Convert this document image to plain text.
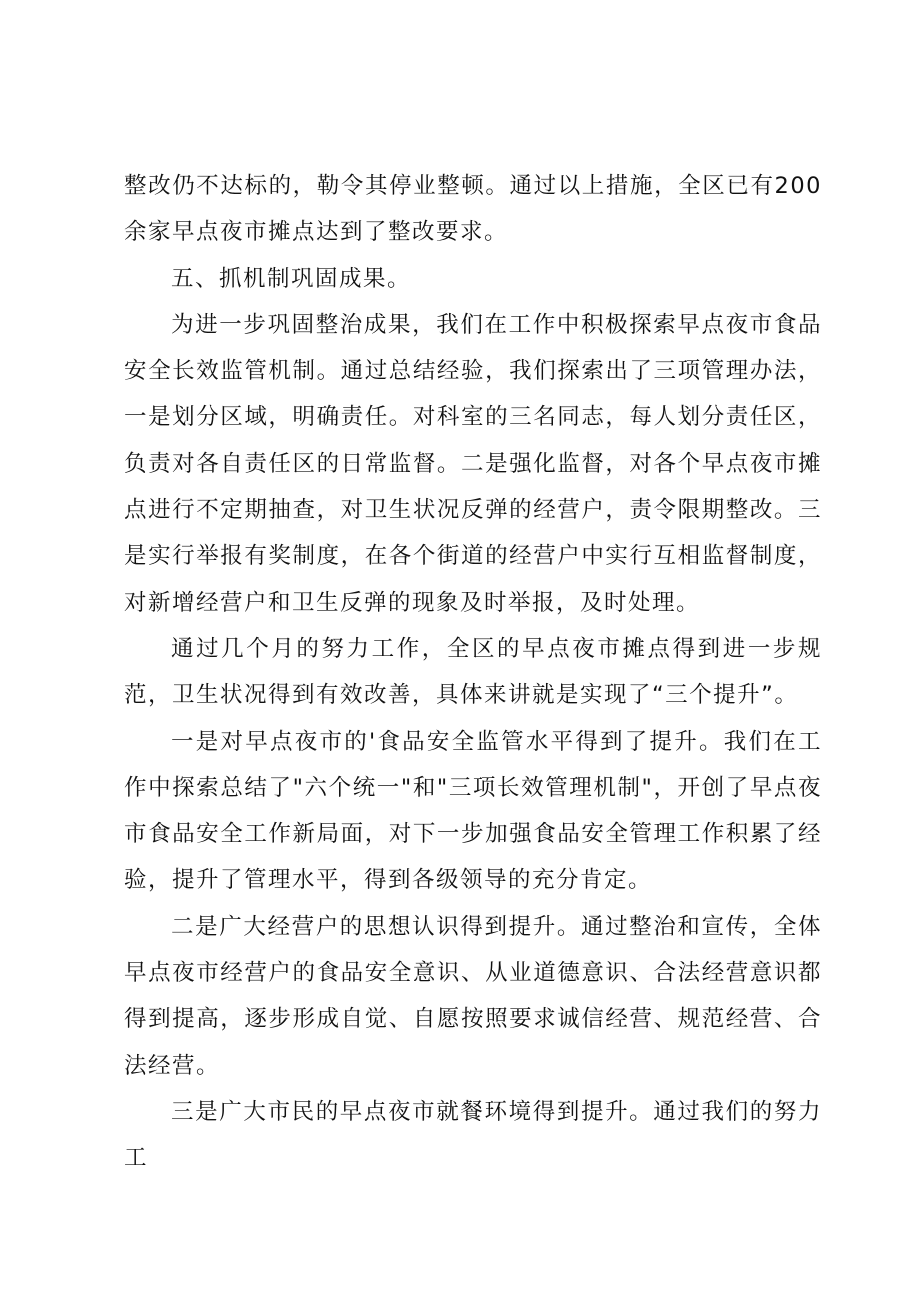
整改仍不达标的，勒令其停业整顿。通过以上措施，全区已有200余家早点夜市摊点达到了整改要求。

五、抓机制巩固成果。

为进一步巩固整治成果，我们在工作中积极探索早点夜市食品安全长效监管机制。通过总结经验，我们探索出了三项管理办法，一是划分区域，明确责任。对科室的三名同志，每人划分责任区，负责对各自责任区的日常监督。二是强化监督，对各个早点夜市摊点进行不定期抽查，对卫生状况反弹的经营户，责令限期整改。三是实行举报有奖制度，在各个街道的经营户中实行互相监督制度，对新增经营户和卫生反弹的现象及时举报，及时处理。

通过几个月的努力工作，全区的早点夜市摊点得到进一步规范，卫生状况得到有效改善，具体来讲就是实现了“三个提升”。

一是对早点夜市的'食品安全监管水平得到了提升。我们在工作中探索总结了"六个统一"和"三项长效管理机制"，开创了早点夜市食品安全工作新局面，对下一步加强食品安全管理工作积累了经验，提升了管理水平，得到各级领导的充分肯定。

二是广大经营户的思想认识得到提升。通过整治和宣传，全体早点夜市经营户的食品安全意识、从业道德意识、合法经营意识都得到提高，逐步形成自觉、自愿按照要求诚信经营、规范经营、合法经营。

三是广大市民的早点夜市就餐环境得到提升。通过我们的努力工
